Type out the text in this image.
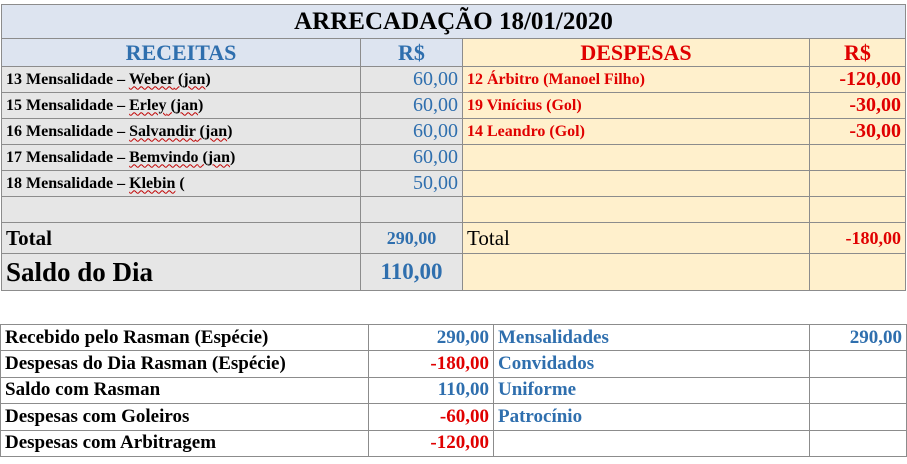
ARRECADAÇÃO 18/01/2020			
RECEITAS	R$	DESPESAS	R$
13 Mensalidade – Weber (jan)	60,00	12 Árbitro (Manoel Filho)	-120,00
15 Mensalidade – Erley (jan)	60,00	19 Vinícius (Gol)	-30,00
16 Mensalidade – Salvandir (jan)	60,00	14 Leandro (Gol)	-30,00
17 Mensalidade – Bemvindo (jan)	60,00		
18 Mensalidade – Klebin (	50,00		

Total	290,00	Total	-180,00
Saldo do Dia	110,00		
Recebido pelo Rasman (Espécie)	290,00	Mensalidades	290,00
Despesas do Dia Rasman (Espécie)	-180,00	Convidados	
Saldo com Rasman	110,00	Uniforme	
Despesas com Goleiros	-60,00	Patrocínio	
Despesas com Arbitragem	-120,00		
